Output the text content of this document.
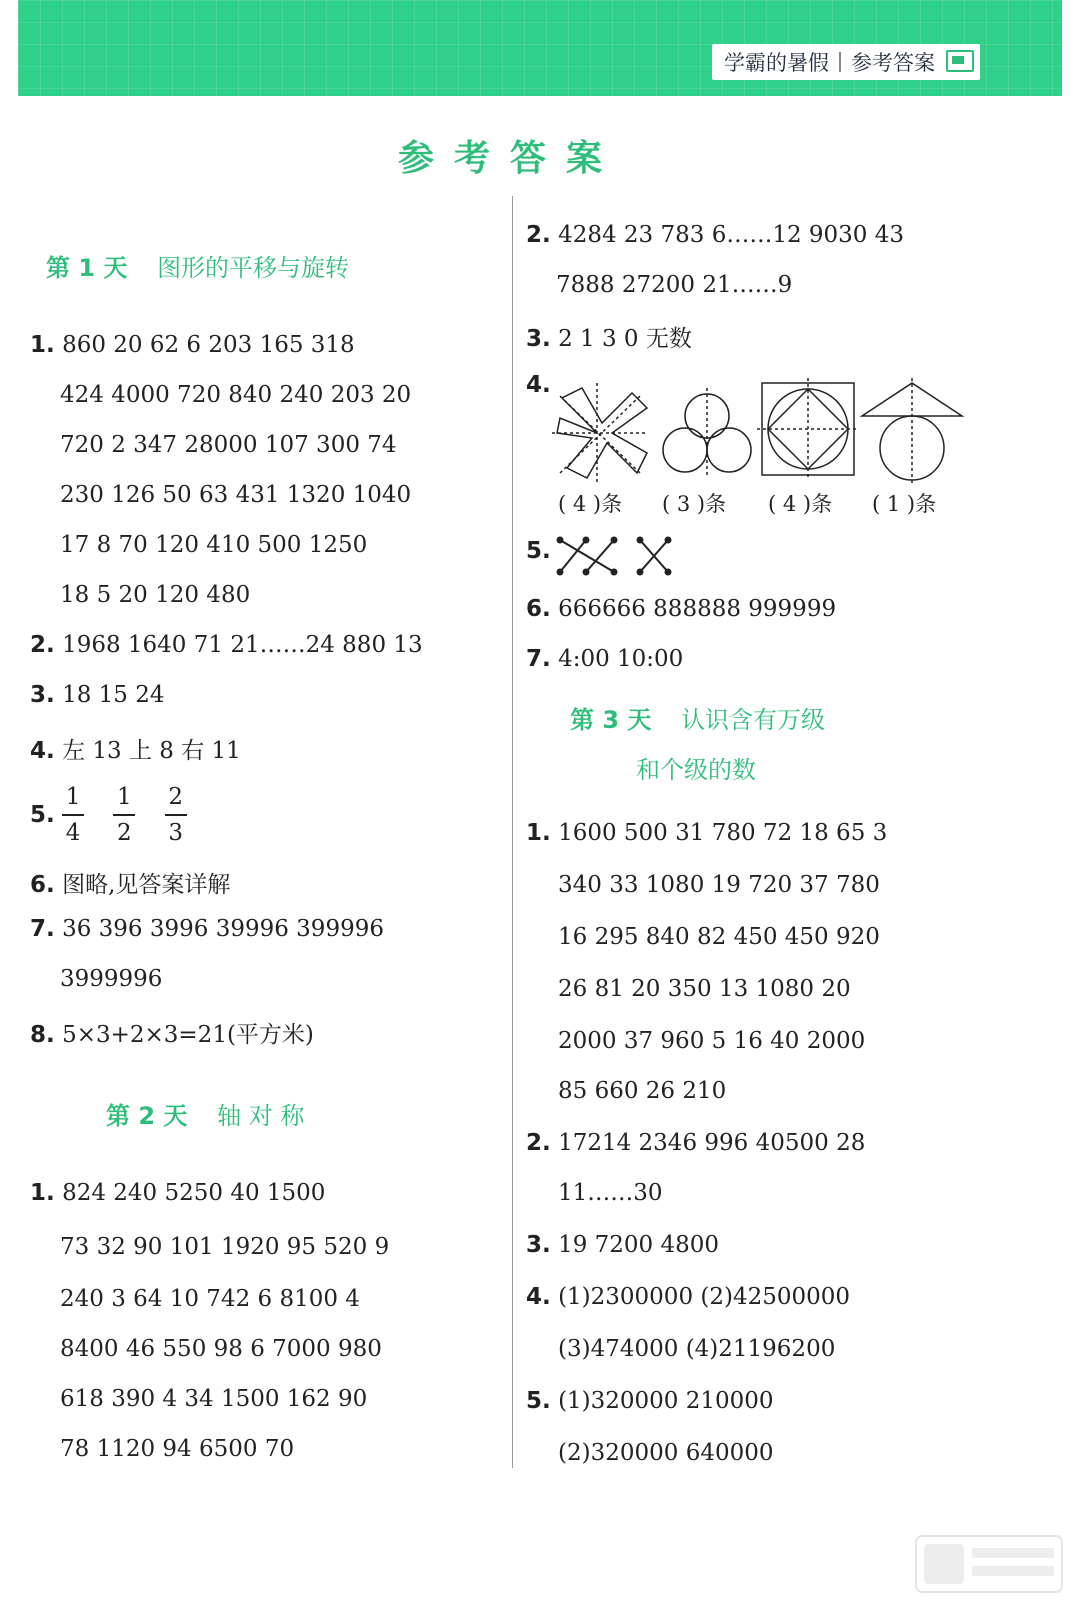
学霸的暑假 参考答案
参考答案
第 1 天 图形的平移与旋转
1. 860 20 62 6 203 165 318
424 4000 720 840 240 203 20
720 2 347 28000 107 300 74
230 126 50 63 431 1320 1040
17 8 70 120 410 500 1250
18 5 20 120 480
2. 1968 1640 71 21……24 880 13
3. 18 15 24
4. 左 13 上 8 右 11
5. $\frac{1}{4}$
$\frac{1}{2}$
$\frac{2}{3}$
6. 图略,见答案详解
7. 36 396 3996 39996 399996
3999996
8. 5×3+2×3=21(平方米)
第 2 天 轴 对 称
1. 824 240 5250 40 1500
73 32 90 101 1920 95 520 9
240 3 64 10 742 6 8100 4
8400 46 550 98 6 7000 980
618 390 4 34 1500 162 90
78 1120 94 6500 70
2. 4284 23 783 6……12 9030 43
7888 27200 21……9
3. 2 1 3 0 无数
4.
( 4 )条 ( 3 )条 ( 4 )条 ( 1 )条
5.
6. 666666 888888 999999
7. 4:00 10:00
第 3 天 认识含有万级
和个级的数
1. 1600 500 31 780 72 18 65 3
340 33 1080 19 720 37 780
16 295 840 82 450 450 920
26 81 20 350 13 1080 20
2000 37 960 5 16 40 2000
85 660 26 210
2. 17214 2346 996 40500 28
11……30
3. 19 7200 4800
4. (1)2300000 (2)42500000
(3)474000 (4)21196200
5. (1)320000 210000
(2)320000 640000
